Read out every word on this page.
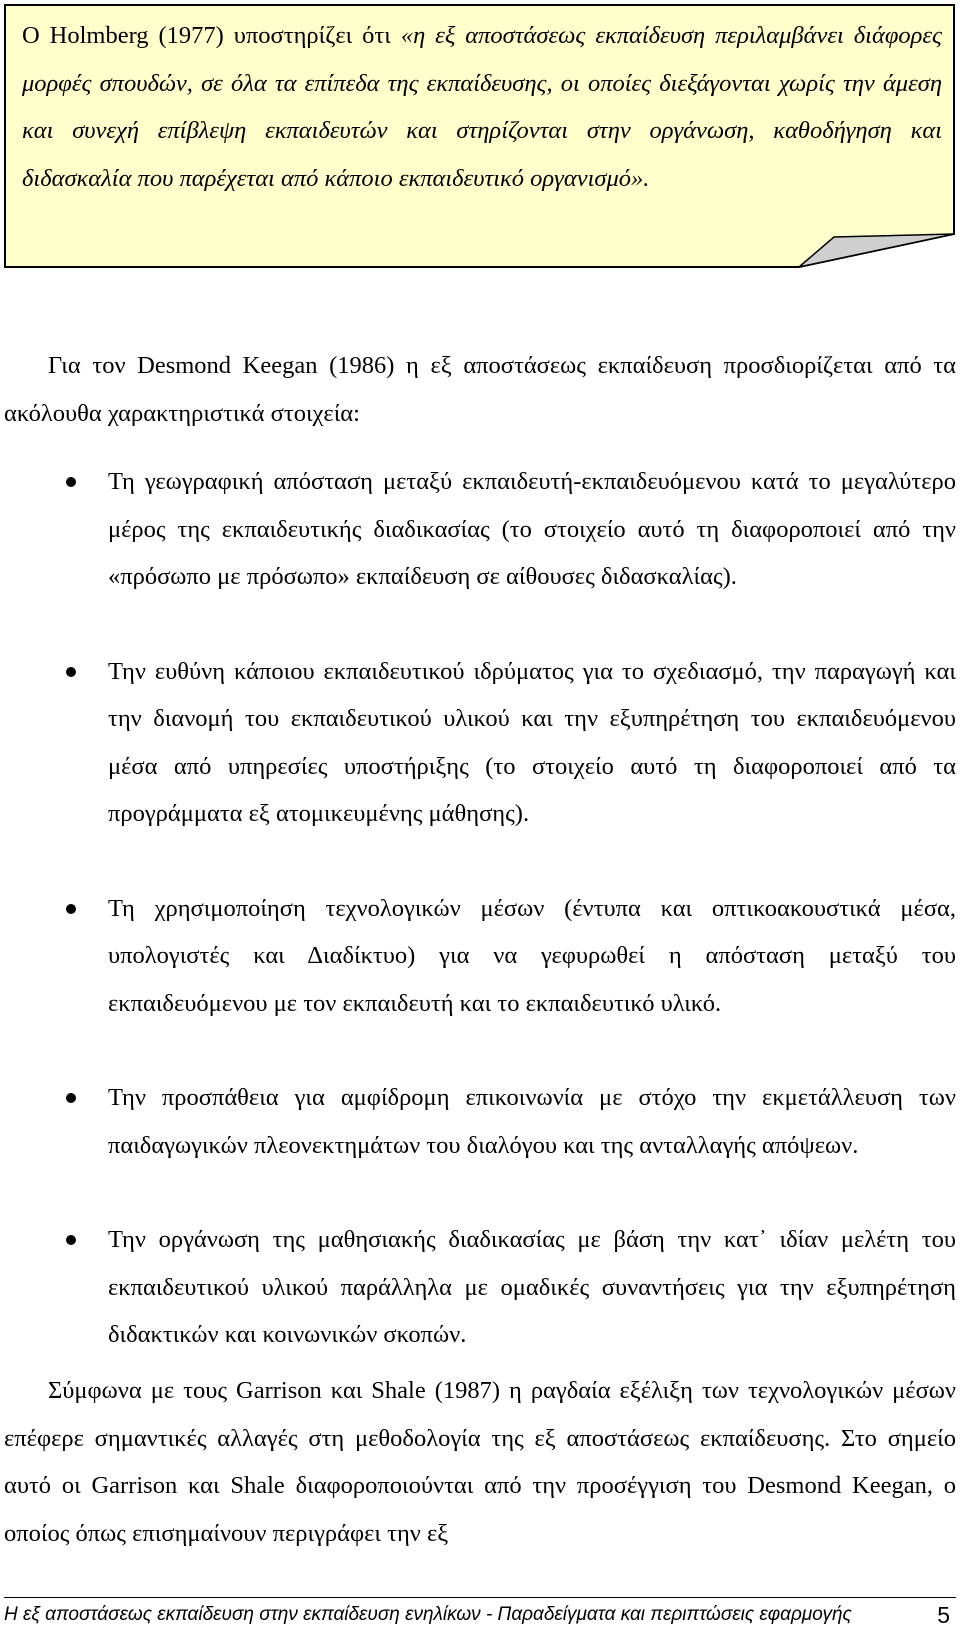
Ο Holmberg (1977) υποστηρίζει ότι «η εξ αποστάσεως εκπαίδευση περιλαμβάνει διάφορες μορφές σπουδών, σε όλα τα επίπεδα της εκπαίδευσης, οι οποίες διεξάγονται χωρίς την άμεση και συνεχή επίβλεψη εκπαιδευτών και στηρίζονται στην οργάνωση, καθοδήγηση και διδασκαλία που παρέχεται από κάποιο εκπαιδευτικό οργανισμό».

Για τον Desmond Keegan (1986) η εξ αποστάσεως εκπαίδευση προσδιορίζεται από τα ακόλουθα χαρακτηριστικά στοιχεία:

Τη γεωγραφική απόσταση μεταξύ εκπαιδευτή-εκπαιδευόμενου κατά το μεγαλύτερο μέρος της εκπαιδευτικής διαδικασίας (το στοιχείο αυτό τη διαφοροποιεί από την «πρόσωπο με πρόσωπο» εκπαίδευση σε αίθουσες διδασκαλίας).
Την ευθύνη κάποιου εκπαιδευτικού ιδρύματος για το σχεδιασμό, την παραγωγή και την διανομή του εκπαιδευτικού υλικού και την εξυπηρέτηση του εκπαιδευόμενου μέσα από υπηρεσίες υποστήριξης (το στοιχείο αυτό τη διαφοροποιεί από τα προγράμματα εξ ατομικευμένης μάθησης).
Τη χρησιμοποίηση τεχνολογικών μέσων (έντυπα και οπτικοακουστικά μέσα, υπολογιστές και Διαδίκτυο) για να γεφυρωθεί η απόσταση μεταξύ του εκπαιδευόμενου με τον εκπαιδευτή και το εκπαιδευτικό υλικό.
Την προσπάθεια για αμφίδρομη επικοινωνία με στόχο την εκμετάλλευση των παιδαγωγικών πλεονεκτημάτων του διαλόγου και της ανταλλαγής απόψεων.
Την οργάνωση της μαθησιακής διαδικασίας με βάση την κατ᾽ ιδίαν μελέτη του εκπαιδευτικού υλικού παράλληλα με ομαδικές συναντήσεις για την εξυπηρέτηση διδακτικών και κοινωνικών σκοπών.

Σύμφωνα με τους Garrison και Shale (1987) η ραγδαία εξέλιξη των τεχνολογικών μέσων επέφερε σημαντικές αλλαγές στη μεθοδολογία της εξ αποστάσεως εκπαίδευσης. Στο σημείο αυτό οι Garrison και Shale διαφοροποιούνται από την προσέγγιση του Desmond Keegan, ο οποίος όπως επισημαίνουν περιγράφει την εξ

Η εξ αποστάσεως εκπαίδευση στην εκπαίδευση ενηλίκων - Παραδείγματα και περιπτώσεις εφαρμογής	5
